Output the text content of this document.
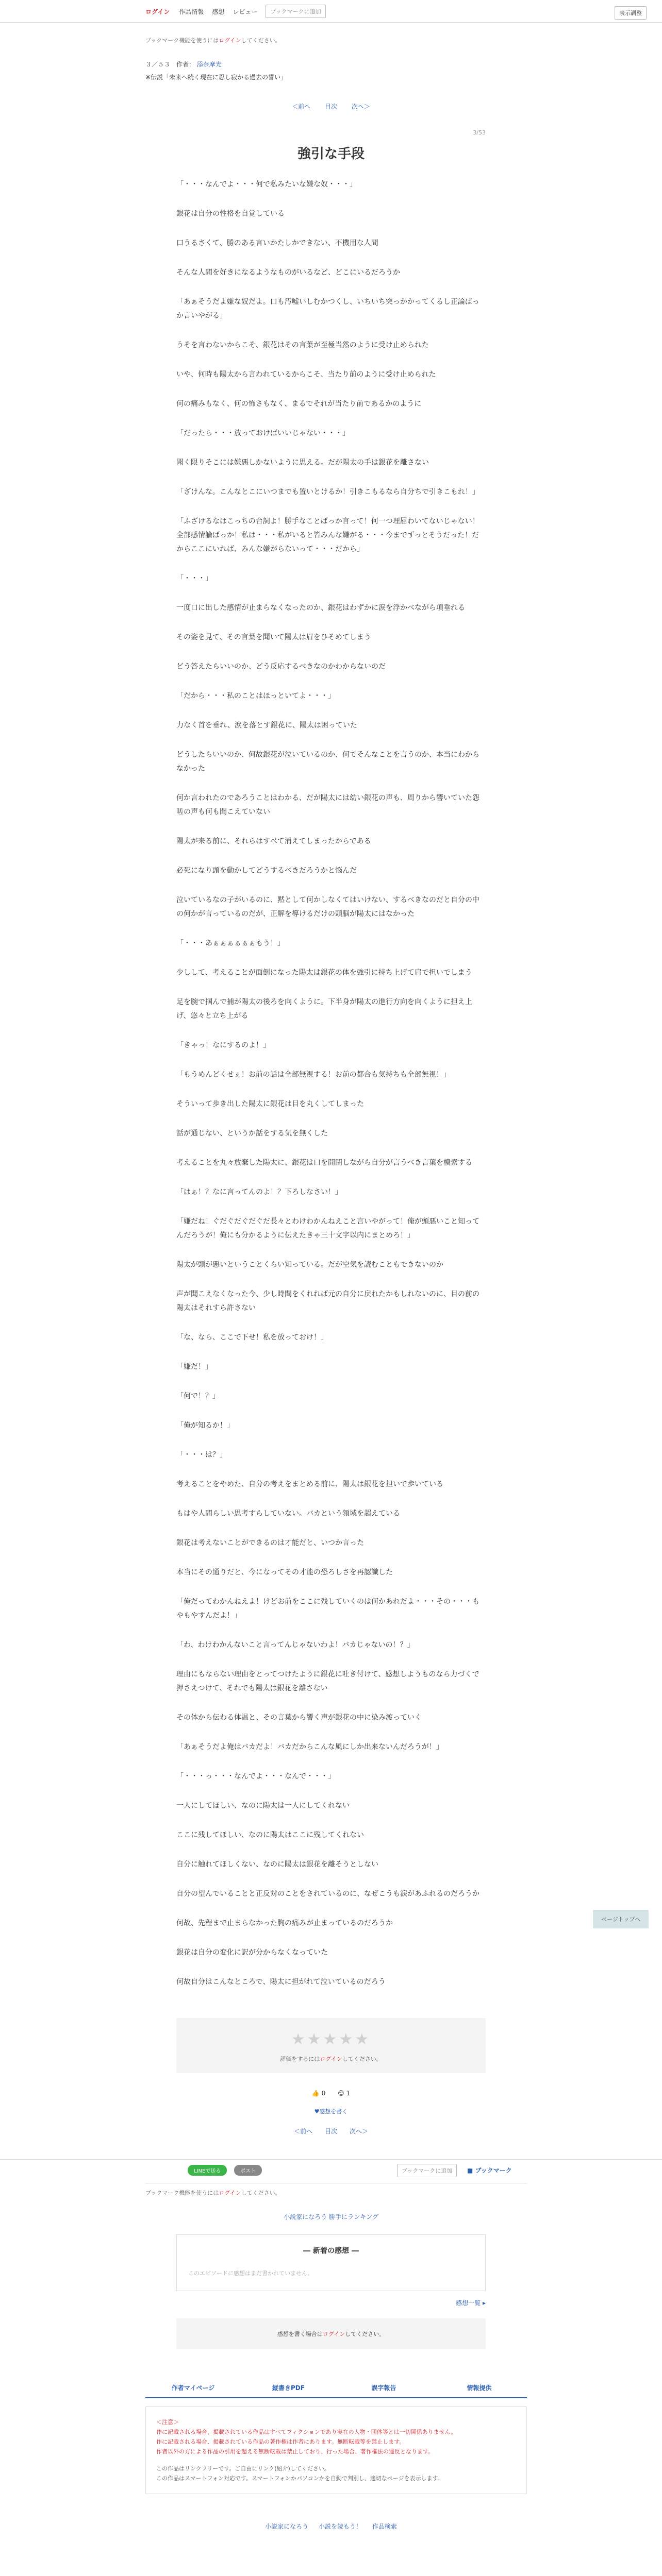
ログイン 作品情報 感想 レビュー	ブックマークに追加	表示調整
ブックマーク機能を使うにはログインしてください。
３／５３ 作者： 添奈摩光
※伝説「未来へ続く現在に忍し寂かる過去の誓い」
＜前へ 目次 次へ＞
3/53
強引な手段

「・・・なんでよ・・・何で私みたいな嫌な奴・・・」

銀花は自分の性格を自覚している

口うるさくて、勝のある言いかたしかできない、不機用な人間

そんな人間を好きになるようなものがいるなど、どこにいるだろうか

「あぁそうだよ嫌な奴だよ。口も汚嘘いしむかつくし、いちいち突っかかってくるし正論ばっか言いやがる」

うそを言わないからこそ、銀花はその言葉が至極当然のように受け止められた

いや、何時も陽太から言われているからこそ、当たり前のように受け止められた

何の痛みもなく、何の怖さもなく、まるでそれが当たり前であるかのように

「だったら・・・放っておけばいいじゃない・・・」

聞く限りそこには嫌悪しかないように思える。だが陽太の手は銀花を離さない

「ざけんな。こんなとこにいつまでも置いとけるか！引きこもるなら自分ちで引きこもれ！」

「ふざけるなはこっちの台詞よ！勝手なことばっか言って！何一つ理屈わいてないじゃない！全部感情論ばっか！私は・・・私がいると皆みんな嫌がる・・・今までずっとそうだった！だからここにいれば、みんな嫌がらないって・・・だから」

「・・・」

一度口に出した感情が止まらなくなったのか、銀花はわずかに涙を浮かべながら項垂れる

その姿を見て、その言葉を聞いて陽太は眉をひそめてしまう

どう答えたらいいのか、どう反応するべきなのかわからないのだ

「だから・・・私のことはほっといてよ・・・」

力なく首を垂れ、涙を落とす銀花に、陽太は困っていた

どうしたらいいのか、何故銀花が泣いているのか、何でそんなことを言うのか、本当にわからなかった

何か言われたのであろうことはわかる、だが陽太には幼い銀花の声も、周りから響いていた怨嗟の声も何も聞こえていない

陽太が来る前に、それらはすべて消えてしまったからである

必死になり頭を動かしてどうするべきだろうかと悩んだ

泣いているなの子がいるのに、黙として何かしなくてはいけない、するべきなのだと自分の中の何かが言っているのだが、正解を導けるだけの頭脳が陽太にはなかった

「・・・あぁぁぁぁぁぁもう！」

少しして、考えることが面倒になった陽太は銀花の体を強引に持ち上げて肩で担いでしまう

足を腕で掴んで捕が陽太の後ろを向くように。下半身が陽太の進行方向を向くように担え上げ、悠々と立ち上がる

「きゃっ！なにするのよ！」

「もうめんどくせぇ！お前の話は全部無視する！お前の都合も気持ちも全部無視！」

そういって歩き出した陽太に銀花は目を丸くしてしまった

話が通じない、というか話をする気を無くした

考えることを丸々放棄した陽太に、銀花は口を開閉しながら自分が言うべき言葉を模索する

「はぁ！？なに言ってんのよ！？下ろしなさい！」

「嫌だね！ぐだぐだぐだぐだ長々とわけわかんねえこと言いやがって！俺が頭悪いこと知ってんだろうが！俺にも分かるように伝えたきゃ三十文字以内にまとめろ！」

陽太が頭が悪いということくらい知っている。だが空気を読むこともできないのか

声が聞こえなくなった今、少し時間をくれれば元の自分に戻れたかもしれないのに、目の前の陽太はそれすら許さない

「な、なら、ここで下せ！私を放っておけ！」

「嫌だ！」

「何で！？」

「俺が知るか！」

「・・・は？」

考えることをやめた、自分の考えをまとめる前に、陽太は銀花を担いで歩いている

もはや人間らしい思考すらしていない。バカという領域を超えている

銀花は考えないことができるのは才能だと、いつか言った

本当にその通りだと、今になってその才能の恐ろしさを再認識した

「俺だってわかんねえよ！けどお前をここに残していくのは何かあれだよ・・・その・・・もやもやすんだよ！」

「わ、わけわかんないこと言ってんじゃないわよ！バカじゃないの！？」

理由にもならない理由をとってつけたように銀花に吐き付けて、感想しようものなら力づくで押さえつけて、それでも陽太は銀花を離さない

その体から伝わる体温と、その言葉から響く声が銀花の中に染み渡っていく

「あぁそうだよ俺はバカだよ！バカだからこんな風にしか出来ないんだろうが！」

「・・・っ・・・なんでよ・・・なんで・・・」

一人にしてほしい、なのに陽太は一人にしてくれない

ここに残してほしい、なのに陽太はここに残してくれない

自分に触れてほしくない、なのに陽太は銀花を離そうとしない

自分の望んでいることと正反対のことをされているのに、なぜこうも涙があふれるのだろうか

何故、先程まで止まらなかった胸の痛みが止まっているのだろうか

銀花は自分の変化に訳が分からなくなっていた

何故自分はこんなところで、陽太に担がれて泣いているのだろう

★★★★★
評価をするにはログインしてください。
👍 0 😊 1
♥感想を書く
＜前へ 目次 次へ＞
LINEで送る	ポスト	ブックマークに追加	■ ブックマーク
ブックマーク機能を使うにはログインしてください。
小説家になろう 勝手にランキング
― 新着の感想 ―
このエピソードに感想はまだ書かれていません。
感想一覧 ▸
感想を書く場合はログインしてください。
作者マイページ	縦書きPDF	誤字報告	情報提供
＜注意＞
作に記載される場合、掲載されている作品はすべてフィクションであり実在の人物・団体等とは一切関係ありません。
作に記載される場合、掲載されている作品の著作権は作者にあります。無断転載等を禁止します。
作者以外の方による作品の引用を超える無断転載は禁止しており、行った場合、著作権法の違反となります。
この作品はリンクフリーです。ご自由にリンク(紹介)してください。
この作品はスマートフォン対応です。スマートフォンかパソコンかを自動で判別し、適切なページを表示します。
小説家になろう 小説を読もう！ 作品検索
ページトップへ
